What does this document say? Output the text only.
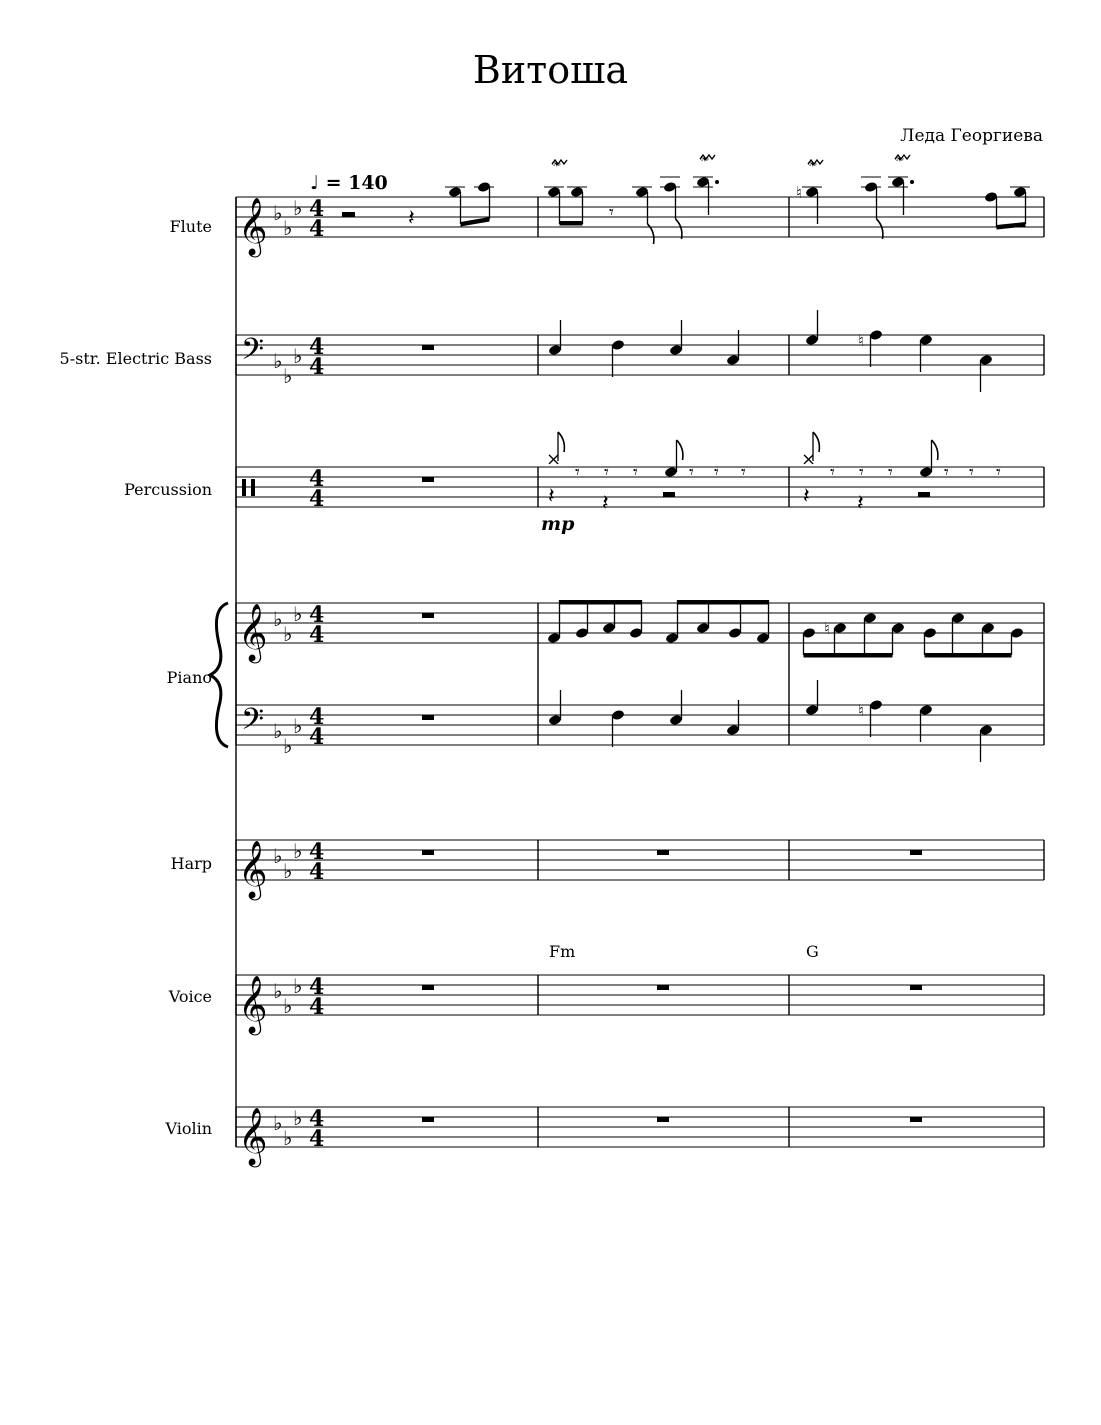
Витоша
Леда Георгиева
♩ = 140
Flute
5-str. Electric Bass
Percussion
Piano
Harp
Voice
Violin
Fm	G
mp
𝄞 ♭
♭
♭ 4
4	𝄽
𝆙
𝄾
𝆙
♮
𝆙	𝆙
𝄢 ♭
♭
♭ 4
4
♮
4
4
×
𝄾 𝄾 𝄾	𝄾 𝄾 𝄾
𝄽 𝄽
×
𝄾 𝄾 𝄾	𝄾 𝄾 𝄾
𝄽 𝄽
𝄞 ♭
♭
♭ 4
4
𝄢 ♭
♭
♭ 4
4
♮
♮
𝄞 ♭
♭
♭ 4
4
𝄞 ♭
♭
♭ 4
4
𝄞 ♭
♭
♭ 4
4
